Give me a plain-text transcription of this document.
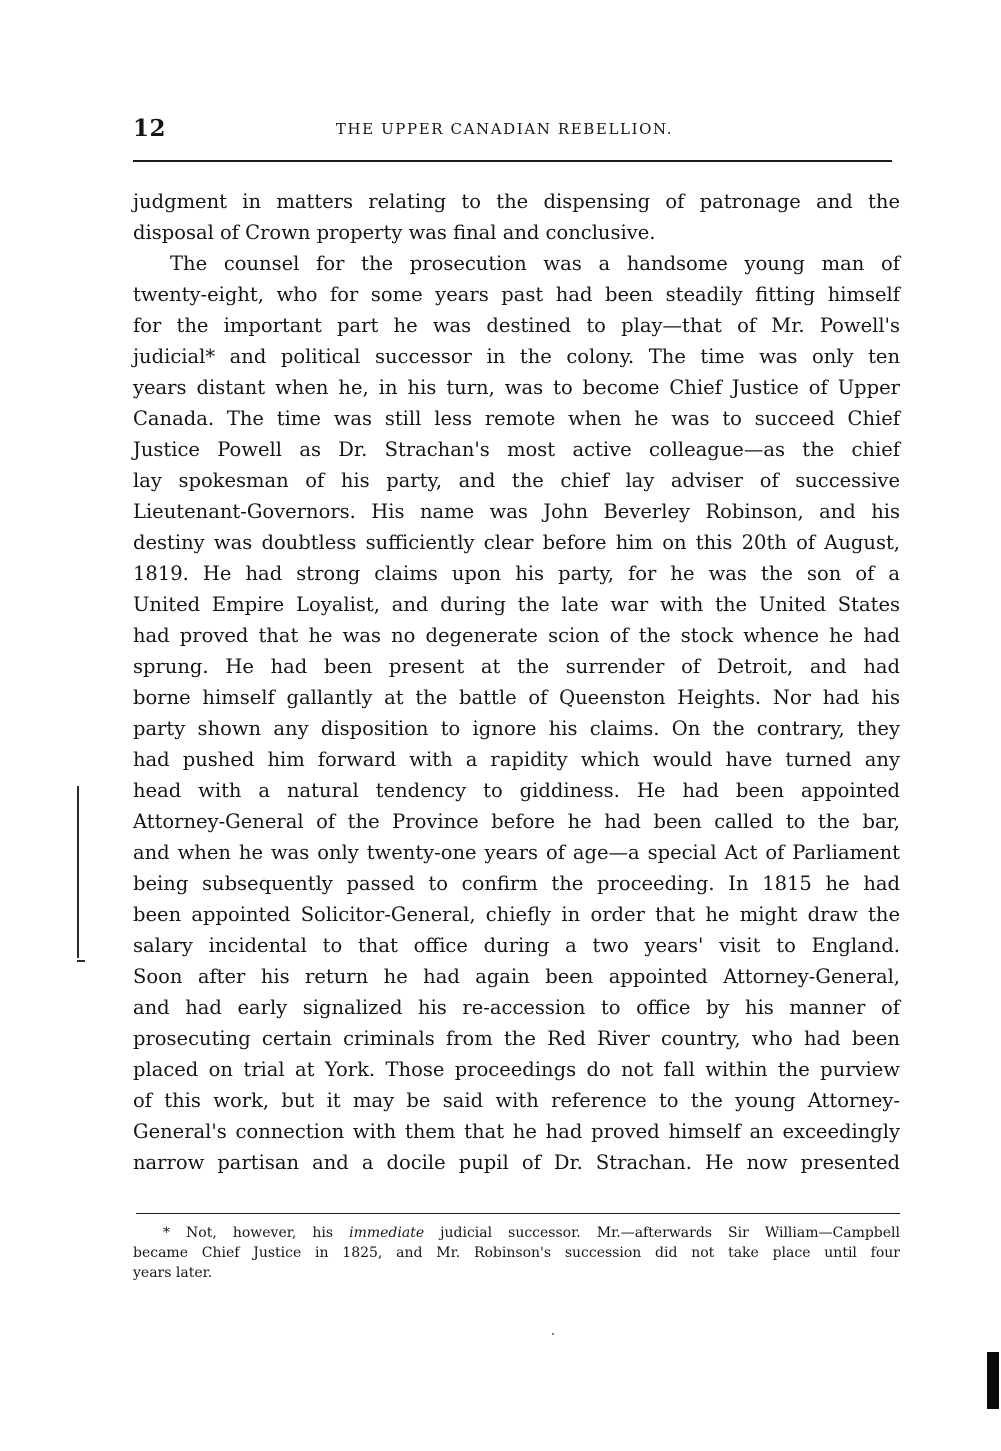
12	THE UPPER CANADIAN REBELLION.
judgment in matters relating to the dispensing of patronage and the
disposal of Crown property was final and conclusive.
The counsel for the prosecution was a handsome young man of
twenty-eight, who for some years past had been steadily fitting himself
for the important part he was destined to play—that of Mr. Powell's
judicial* and political successor in the colony. The time was only ten
years distant when he, in his turn, was to become Chief Justice of Upper
Canada. The time was still less remote when he was to succeed Chief
Justice Powell as Dr. Strachan's most active colleague—as the chief
lay spokesman of his party, and the chief lay adviser of successive
Lieutenant-Governors. His name was John Beverley Robinson, and his
destiny was doubtless sufficiently clear before him on this 20th of August,
1819. He had strong claims upon his party, for he was the son of a
United Empire Loyalist, and during the late war with the United States
had proved that he was no degenerate scion of the stock whence he had
sprung. He had been present at the surrender of Detroit, and had
borne himself gallantly at the battle of Queenston Heights. Nor had his
party shown any disposition to ignore his claims. On the contrary, they
had pushed him forward with a rapidity which would have turned any
head with a natural tendency to giddiness. He had been appointed
Attorney-General of the Province before he had been called to the bar,
and when he was only twenty-one years of age—a special Act of Parliament
being subsequently passed to confirm the proceeding. In 1815 he had
been appointed Solicitor-General, chiefly in order that he might draw the
salary incidental to that office during a two years' visit to England.
Soon after his return he had again been appointed Attorney-General,
and had early signalized his re-accession to office by his manner of
prosecuting certain criminals from the Red River country, who had been
placed on trial at York. Those proceedings do not fall within the purview
of this work, but it may be said with reference to the young Attorney-
General's connection with them that he had proved himself an exceedingly
narrow partisan and a docile pupil of Dr. Strachan. He now presented
* Not, however, his immediate judicial successor. Mr.—afterwards Sir William—Campbell
became Chief Justice in 1825, and Mr. Robinson's succession did not take place until four
years later.
